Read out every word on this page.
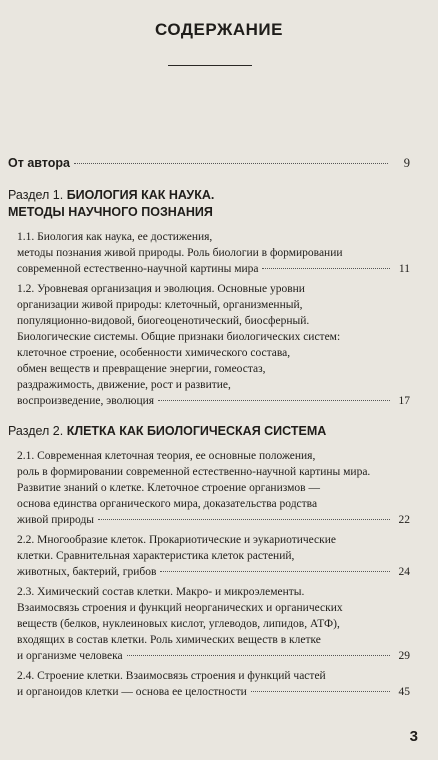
СОДЕРЖАНИЕ
От автора	9
Раздел 1. БИОЛОГИЯ КАК НАУКА.
МЕТОДЫ НАУЧНОГО ПОЗНАНИЯ
1.1. Биология как наука, ее достижения,
методы познания живой природы. Роль биологии в формировании
современной естественно-научной картины мира	11
1.2. Уровневая организация и эволюция. Основные уровни
организации живой природы: клеточный, организменный,
популяционно-видовой, биогеоценотический, биосферный.
Биологические системы. Общие признаки биологических систем:
клеточное строение, особенности химического состава,
обмен веществ и превращение энергии, гомеостаз,
раздражимость, движение, рост и развитие,
воспроизведение, эволюция	17
Раздел 2. КЛЕТКА КАК БИОЛОГИЧЕСКАЯ СИСТЕМА
2.1. Современная клеточная теория, ее основные положения,
роль в формировании современной естественно-научной картины мира.
Развитие знаний о клетке. Клеточное строение организмов —
основа единства органического мира, доказательства родства
живой природы	22
2.2. Многообразие клеток. Прокариотические и эукариотические
клетки. Сравнительная характеристика клеток растений,
животных, бактерий, грибов	24
2.3. Химический состав клетки. Макро- и микроэлементы.
Взаимосвязь строения и функций неорганических и органических
веществ (белков, нуклеиновых кислот, углеводов, липидов, АТФ),
входящих в состав клетки. Роль химических веществ в клетке
и организме человека	29
2.4. Строение клетки. Взаимосвязь строения и функций частей
и органоидов клетки — основа ее целостности	45
3
